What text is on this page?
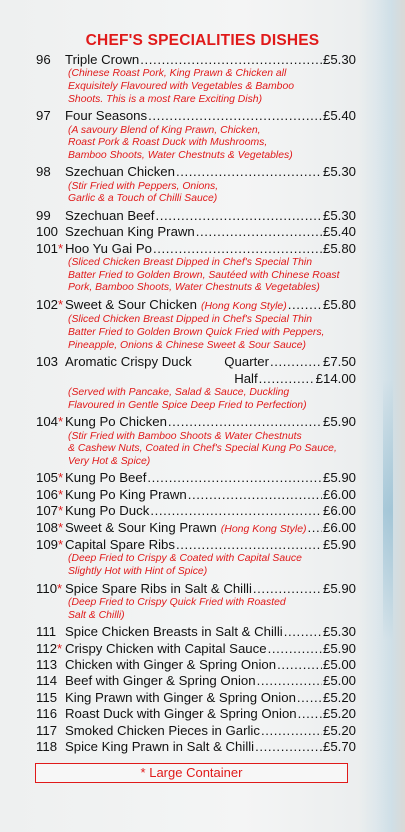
CHEF'S SPECIALITIES DISHES
96	Triple Crown .....	£5.30
(Chinese Roast Pork, King Prawn & Chicken all
Exquisitely Flavoured with Vegetables & Bamboo
Shoots. This is a most Rare Exciting Dish)
97	Four Seasons .....	£5.40
(A savoury Blend of King Prawn, Chicken,
Roast Pork & Roast Duck with Mushrooms,
Bamboo Shoots, Water Chestnuts & Vegetables)
98	Szechuan Chicken .....	£5.30
(Stir Fried with Peppers, Onions,
Garlic & a Touch of Chilli Sauce)
99	Szechuan Beef .....	£5.30
100 Szechuan King Prawn .....	£5.40
101* Hoo Yu Gai Po .....	£5.80
(Sliced Chicken Breast Dipped in Chef's Special Thin
Batter Fried to Golden Brown, Sautéed with Chinese Roast
Pork, Bamboo Shoots, Water Chestnuts & Vegetables)
102* Sweet & Sour Chicken (Hong Kong Style) .....	£5.80
(Sliced Chicken Breast Dipped in Chef's Special Thin
Batter Fried to Golden Brown Quick Fried with Peppers,
Pineapple, Onions & Chinese Sweet & Sour Sauce)
103 Aromatic Crispy Duck Quarter .....	£7.50
Half .....	£14.00
(Served with Pancake, Salad & Sauce, Duckling
Flavoured in Gentle Spice Deep Fried to Perfection)
104* Kung Po Chicken .....	£5.90
(Stir Fried with Bamboo Shoots & Water Chestnuts
& Cashew Nuts, Coated in Chef's Special Kung Po Sauce,
Very Hot & Spice)
105* Kung Po Beef .....	£5.90
106* Kung Po King Prawn .....	£6.00
107* Kung Po Duck .....	£6.00
108* Sweet & Sour King Prawn (Hong Kong Style) ..... £6.00
109* Capital Spare Ribs .....	£5.90
(Deep Fried to Crispy & Coated with Capital Sauce
Slightly Hot with Hint of Spice)
110* Spice Spare Ribs in Salt & Chilli .....	£5.90
(Deep Fried to Crispy Quick Fried with Roasted
Salt & Chilli)
111 Spice Chicken Breasts in Salt & Chilli .....	£5.30
112* Crispy Chicken with Capital Sauce .....	£5.90
113 Chicken with Ginger & Spring Onion .....	£5.00
114 Beef with Ginger & Spring Onion .....	£5.00
115 King Prawn with Ginger & Spring Onion ..... £5.20
116 Roast Duck with Ginger & Spring Onion ..... £5.20
117 Smoked Chicken Pieces in Garlic .....	£5.20
118 Spice King Prawn in Salt & Chilli .....	£5.70
* Large Container
